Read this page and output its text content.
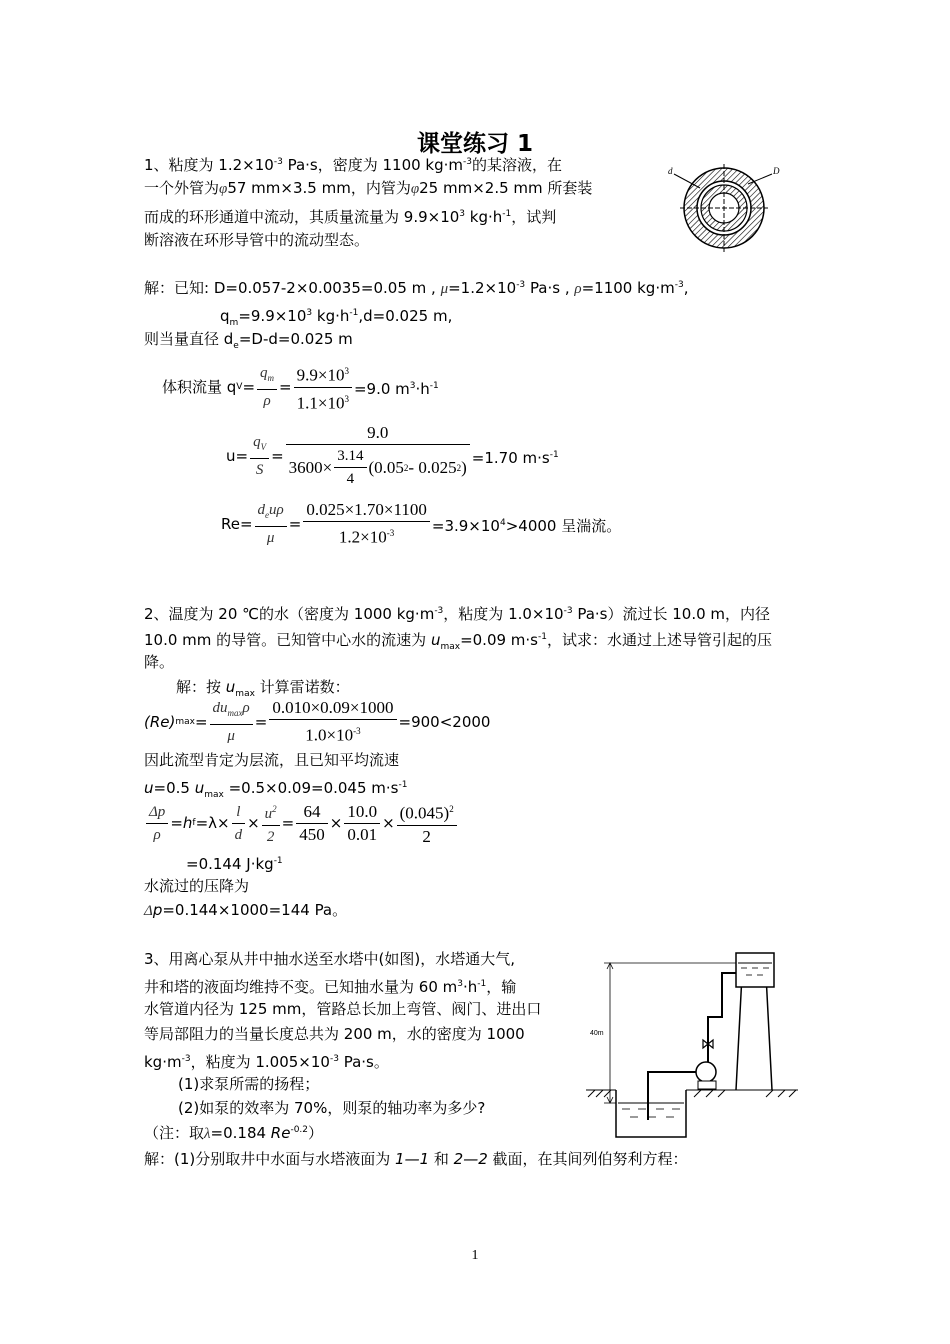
课堂练习 1
1、粘度为 $1.2\times 10^{-3}$ Pa·s，密度为 1100 $kg\cdot m^{-3}$的某溶液，在
一个外管为φ57 mm×3.5 mm，内管为φ25 mm×2.5 mm 所套装
而成的环形通道中流动，其质量流量为 $9.9\times 10^3$ $kg\cdot h^{-1}$，试判
断溶液在环形导管中的流动型态。
d	D
解：已知: D=0.057-2×0.0035=0.05 m , $\mu=1.2\times 10^{-3}$ Pa·s , ρ=1100 $kg\cdot m^{-3}$,
$q_m=9.9\times 10^3$ $kg\cdot h^{-1},d=0.025$ m,
则当量直径 $d_e=D-d=0.025$ m
体积流量 q $V = \frac{q_m}{\rho} = \frac{9.9\times 10^3}{1.1\times 10^3} =9.0$ $m^3\cdot h^{-1}$
$u= \frac{q_V}{S} = \frac{9.0}{3600\times \frac{3.14}{4} (0.05 2 - 0.025 2 )} =1.70$ $m\cdot s^{-1}$
$Re= \frac{d_eu\rho}{\mu} = \frac{0.025\times 1.70\times 1100}{1.2\times 10^{-3}} =3.9\times 10^4>4000$ 呈湍流。
2、温度为 20 ℃的水（密度为 1000 $kg\cdot m^{-3}$，粘度为 $1.0\times 10^{-3}$ Pa·s）流过长 10.0 m，内径
10.0 mm 的导管。已知管中心水的流速为 $u_{max}=0.09$ $m\cdot s^{-1}$，试求：水通过上述导管引起的压
降。
解：按 $u_{max}$ 计算雷诺数：
(Re) $\max = \frac{du_{max}\rho}{\mu} = \frac{0.010\times 0.09\times 1000}{1.0\times 10^{-3}} =900<2000$
因此流型肯定为层流，且已知平均流速
u=0.5 $u_{max} =0.5\times 0.09=0.045$ $m\cdot s^{-1}$
$\frac{\Delta p}{\rho} =h$ $f =\lambda\times \frac{l}{d} \times \frac{u^2}{2} = \frac{64}{450} \times \frac{10.0}{0.01} \times \frac{(0.045)^2}{2}$
=0.144 $J\cdot kg^{-1}$
水流过的压降为
Δp=0.144×1000=144 Pa。
3、用离心泵从井中抽水送至水塔中(如图)，水塔通大气,
井和塔的液面均维持不变。已知抽水量为 60 $m^3\cdot h^{-1}$，输
水管道内径为 125 mm，管路总长加上弯管、阀门、进出口
等局部阻力的当量长度总共为 200 m，水的密度为 1000
$kg\cdot m^{-3}$，粘度为 $1.005\times 10^{-3}$ Pa·s。
(1)求泵所需的扬程；
(2)如泵的效率为 70%，则泵的轴功率为多少?
（注：取λ=0.184 $Re^{-0.2}$）
解：(1)分别取井中水面与水塔液面为 1—1 和 2—2 截面，在其间列伯努利方程：
40m
1
